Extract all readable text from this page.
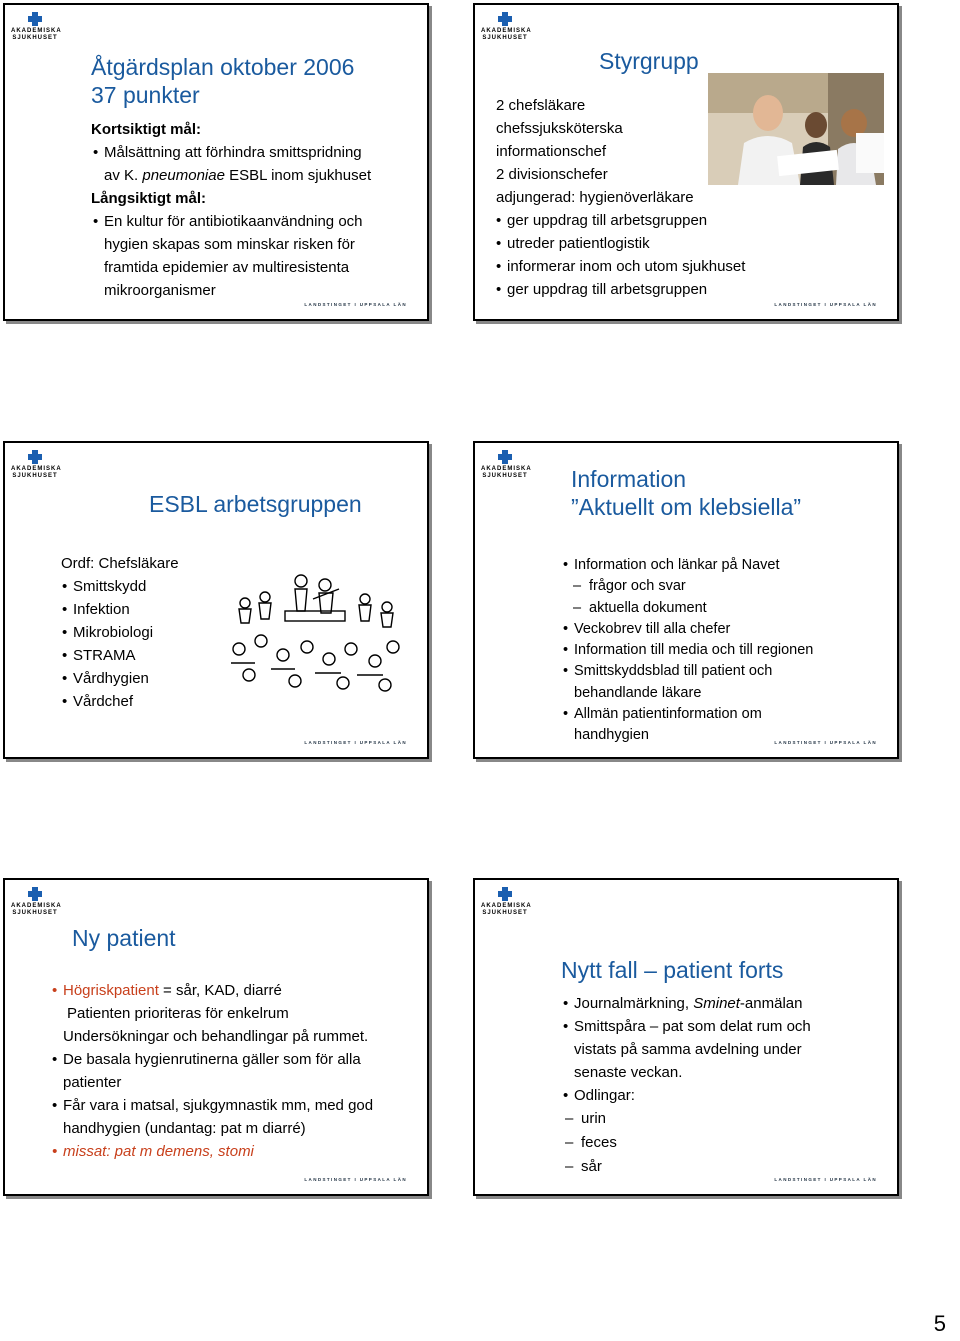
AKADEMISKA
SJUKHUSET
Åtgärdsplan oktober 2006
37 punkter
Kortsiktigt mål:
• Målsättning att förhindra smittspridning
av K. pneumoniae ESBL inom sjukhuset
Långsiktigt mål:
• En kultur för antibiotikaanvändning och
hygien skapas som minskar risken för
framtida epidemier av multiresistenta
mikroorganismer
LANDSTINGET I UPPSALA LÄN
AKADEMISKA
SJUKHUSET
Styrgrupp
2 chefsläkare
chefssjuksköterska
informationschef
2 divisionschefer
adjungerad: hygienöverläkare
• ger uppdrag till arbetsgruppen
• utreder patientlogistik
• informerar inom och utom sjukhuset
• ger uppdrag till arbetsgruppen
LANDSTINGET I UPPSALA LÄN
AKADEMISKA
SJUKHUSET
ESBL arbetsgruppen
Ordf: Chefsläkare
• Smittskydd
• Infektion
• Mikrobiologi
• STRAMA
• Vårdhygien
• Vårdchef
LANDSTINGET I UPPSALA LÄN
AKADEMISKA
SJUKHUSET Information
”Aktuellt om klebsiella”
• Information och länkar på Navet
– frågor och svar
– aktuella dokument
• Veckobrev till alla chefer
• Information till media och till regionen
• Smittskyddsblad till patient och
behandlande läkare
• Allmän patientinformation om
handhygien	LANDSTINGET I UPPSALA LÄN
AKADEMISKA
SJUKHUSET
Ny patient
Högriskpatient = sår, KAD, diarré
Patienten prioriteras för enkelrum
Undersökningar och behandlingar på rummet.
• De basala hygienrutinerna gäller som för alla
patienter
• Får vara i matsal, sjukgymnastik mm, med god
handhygien (undantag: pat m diarré)
• missat: pat m demens, stomi
LANDSTINGET I UPPSALA LÄN
AKADEMISKA
SJUKHUSET
Nytt fall – patient forts
• Journalmärkning, Sminet-anmälan
• Smittspåra – pat som delat rum och
vistats på samma avdelning under
senaste veckan.
• Odlingar:
– urin
– feces
– sår
LANDSTINGET I UPPSALA LÄN
5
